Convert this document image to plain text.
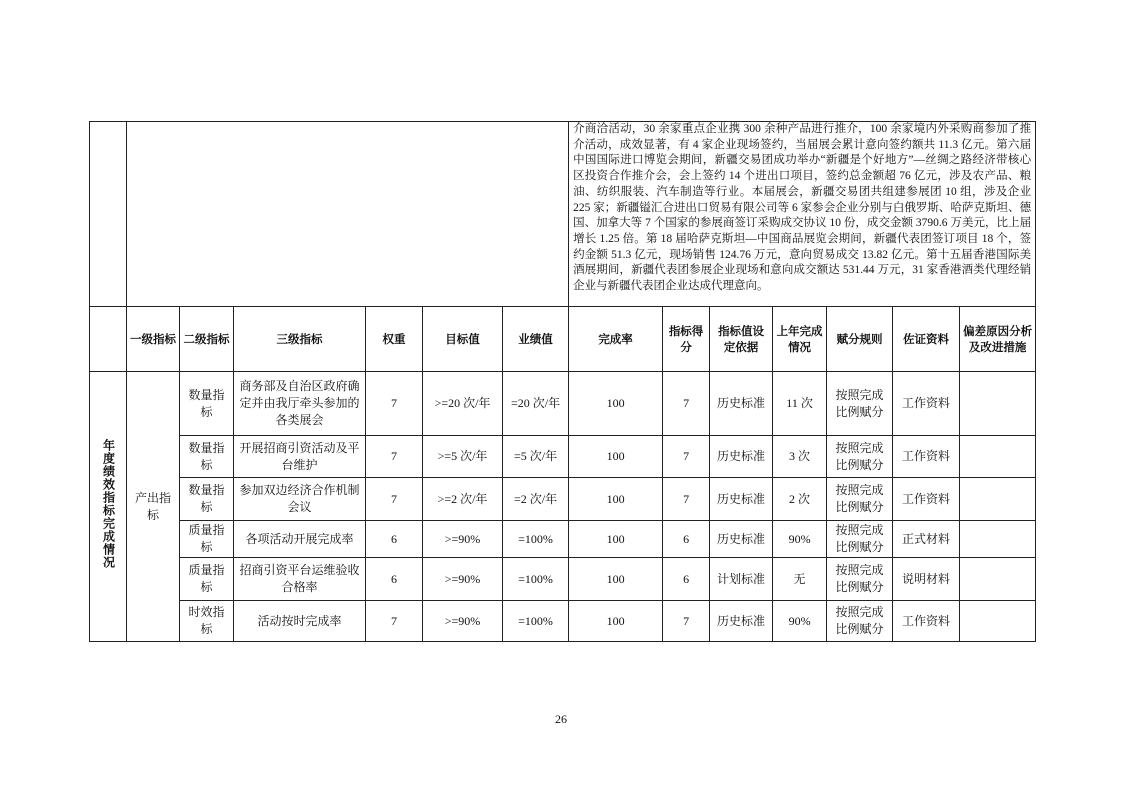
							介商洽活动，30 余家重点企业携 300 余种产品进行推介，100 余家境内外采购商参加了推介活动，成效显著，有 4 家企业现场签约，当届展会累计意向签约额共 11.3 亿元。第六届中国国际进口博览会期间，新疆交易团成功举办“新疆是个好地方”—丝绸之路经济带核心区投资合作推介会，会上签约 14 个进出口项目，签约总金额超 76 亿元，涉及农产品、粮油、纺织服装、汽车制造等行业。本届展会，新疆交易团共组建参展团 10 组，涉及企业 225 家；新疆镒汇合进出口贸易有限公司等 6 家参会企业分别与白俄罗斯、哈萨克斯坦、德国、加拿大等 7 个国家的参展商签订采购成交协议 10 份，成交金额 3790.6 万美元，比上届增长 1.25 倍。第 18 届哈萨克斯坦—中国商品展览会期间，新疆代表团签订项目 18 个，签约金额 51.3 亿元，现场销售 124.76 万元，意向贸易成交 13.82 亿元。第十五届香港国际美酒展期间，新疆代表团参展企业现场和意向成交额达 531.44 万元，31 家香港酒类代理经销企业与新疆代表团企业达成代理意向。						
	一级指标	二级指标	三级指标	权重	目标值	业绩值	完成率	指标得分	指标值设定依据	上年完成情况	赋分规则	佐证资料	偏差原因分析及改进措施
年度绩效指标完成情况	产出指标	数量指标	商务部及自治区政府确定并由我厅牵头参加的各类展会	7	>=20 次/年	=20 次/年	100	7	历史标准	11 次	按照完成比例赋分	工作资料	
		数量指标	开展招商引资活动及平台维护	7	>=5 次/年	=5 次/年	100	7	历史标准	3 次	按照完成比例赋分	工作资料	
		数量指标	参加双边经济合作机制会议	7	>=2 次/年	=2 次/年	100	7	历史标准	2 次	按照完成比例赋分	工作资料	
		质量指标	各项活动开展完成率	6	>=90%	=100%	100	6	历史标准	90%	按照完成比例赋分	正式材料	
		质量指标	招商引资平台运维验收合格率	6	>=90%	=100%	100	6	计划标准	无	按照完成比例赋分	说明材料	
		时效指标	活动按时完成率	7	>=90%	=100%	100	7	历史标准	90%	按照完成比例赋分	工作资料	
26
